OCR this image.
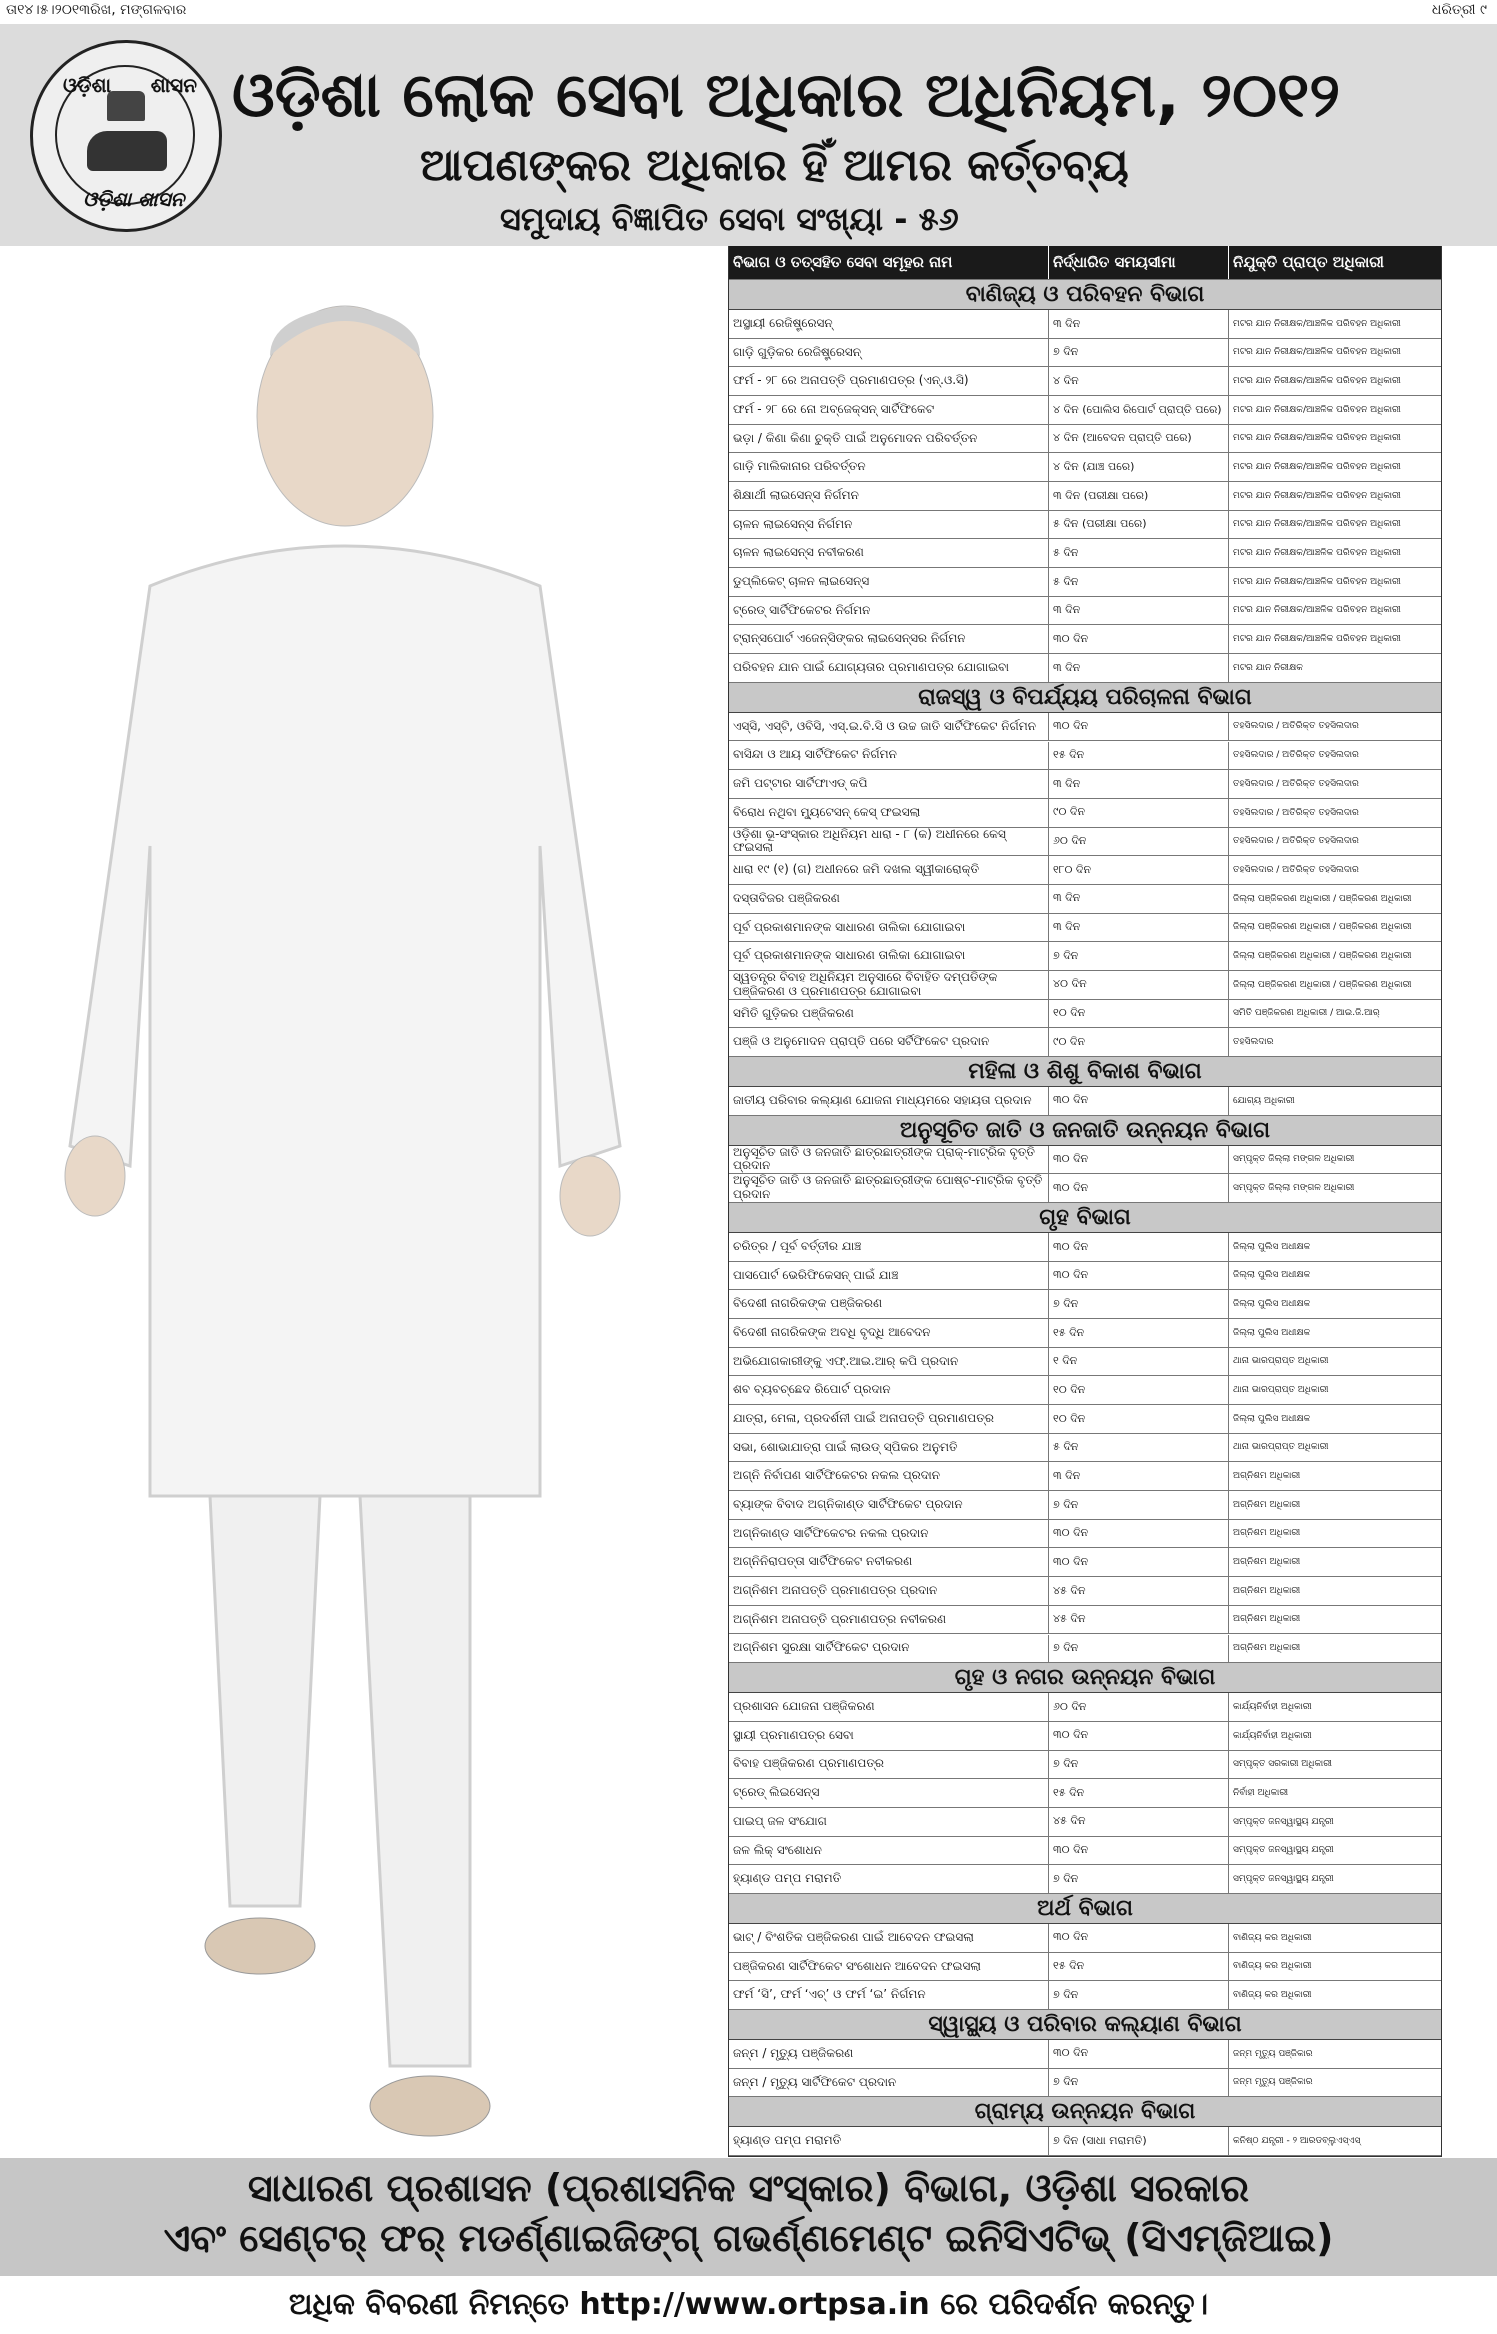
ତା୧୪।୫।୨୦୧୩ରିଖ, ମଙ୍ଗଳବାର	ଧରିତ୍ରୀ ୯
ଓଡ଼ିଶା ଶାସନ
ଓଡ଼ିଶା ଶାସନ
ଓଡ଼ିଶା ଲୋକ ସେବା ଅଧିକାର ଅଧିନିୟମ, ୨୦୧୨
ଆପଣଙ୍କର ଅଧିକାର ହିଁ ଆମର କର୍ତ୍ତବ୍ୟ
ସମୁଦାୟ ବିଜ୍ଞାପିତ ସେବା ସଂଖ୍ୟା - ୫୬
ବିଭାଗ ଓ ତତ୍ସହିତ ସେବା ସମୂହର ନାମ	ନିର୍ଦ୍ଧାରିତ ସମୟସୀମା	ନିଯୁକ୍ତି ପ୍ରାପ୍ତ ଅଧିକାରୀ
ବାଣିଜ୍ୟ ଓ ପରିବହନ ବିଭାଗ
ଅସ୍ଥାୟୀ ରେଜିଷ୍ଟ୍ରେସନ୍	୩ ଦିନ	ମଟର ଯାନ ନିରୀକ୍ଷକ/ଆଞ୍ଚଳିକ ପରିବହନ ଅଧିକାରୀ
ଗାଡ଼ି ଗୁଡ଼ିକର ରେଜିଷ୍ଟ୍ରେସନ୍	୭ ଦିନ	ମଟର ଯାନ ନିରୀକ୍ଷକ/ଆଞ୍ଚଳିକ ପରିବହନ ଅଧିକାରୀ
ଫର୍ମ - ୨୮ ରେ ଅନାପତ୍ତି ପ୍ରମାଣପତ୍ର (ଏନ୍.ଓ.ସି)	୪ ଦିନ	ମଟର ଯାନ ନିରୀକ୍ଷକ/ଆଞ୍ଚଳିକ ପରିବହନ ଅଧିକାରୀ
ଫର୍ମ - ୨୮ ରେ ନୋ ଅବ୍ଜେକ୍ସନ୍ ସାର୍ଟିଫିକେଟ	୪ ଦିନ (ପୋଲିସ ରିପୋର୍ଟ ପ୍ରାପ୍ତି ପରେ)	ମଟର ଯାନ ନିରୀକ୍ଷକ/ଆଞ୍ଚଳିକ ପରିବହନ ଅଧିକାରୀ
ଭଡ଼ା / କିଣା କିଣା ଚୁକ୍ତି ପାଇଁ ଅନୁମୋଦନ ପରିବର୍ତ୍ତନ	୪ ଦିନ (ଆବେଦନ ପ୍ରାପ୍ତି ପରେ)	ମଟର ଯାନ ନିରୀକ୍ଷକ/ଆଞ୍ଚଳିକ ପରିବହନ ଅଧିକାରୀ
ଗାଡ଼ି ମାଲିକାନାର ପରିବର୍ତ୍ତନ	୪ ଦିନ (ଯାଞ୍ଚ ପରେ)	ମଟର ଯାନ ନିରୀକ୍ଷକ/ଆଞ୍ଚଳିକ ପରିବହନ ଅଧିକାରୀ
ଶିକ୍ଷାର୍ଥୀ ଲାଇସେନ୍ସ ନିର୍ଗମନ	୩ ଦିନ (ପରୀକ୍ଷା ପରେ)	ମଟର ଯାନ ନିରୀକ୍ଷକ/ଆଞ୍ଚଳିକ ପରିବହନ ଅଧିକାରୀ
ଚାଳନ ଲାଇସେନ୍ସ ନିର୍ଗମନ	୫ ଦିନ (ପରୀକ୍ଷା ପରେ)	ମଟର ଯାନ ନିରୀକ୍ଷକ/ଆଞ୍ଚଳିକ ପରିବହନ ଅଧିକାରୀ
ଚାଳନ ଲାଇସେନ୍ସ ନବୀକରଣ	୫ ଦିନ	ମଟର ଯାନ ନିରୀକ୍ଷକ/ଆଞ୍ଚଳିକ ପରିବହନ ଅଧିକାରୀ
ଡୁପ୍ଲିକେଟ୍ ଚାଳନ ଲାଇସେନ୍ସ	୫ ଦିନ	ମଟର ଯାନ ନିରୀକ୍ଷକ/ଆଞ୍ଚଳିକ ପରିବହନ ଅଧିକାରୀ
ଟ୍ରେଡ୍ ସାର୍ଟିଫିକେଟର ନିର୍ଗମନ	୩ ଦିନ	ମଟର ଯାନ ନିରୀକ୍ଷକ/ଆଞ୍ଚଳିକ ପରିବହନ ଅଧିକାରୀ
ଟ୍ରାନ୍ସପୋର୍ଟ ଏଜେନ୍ସିଙ୍କର ଲାଇସେନ୍ସର ନିର୍ଗମନ	୩୦ ଦିନ	ମଟର ଯାନ ନିରୀକ୍ଷକ/ଆଞ୍ଚଳିକ ପରିବହନ ଅଧିକାରୀ
ପରିବହନ ଯାନ ପାଇଁ ଯୋଗ୍ୟତାର ପ୍ରମାଣପତ୍ର ଯୋଗାଇବା	୩ ଦିନ	ମଟର ଯାନ ନିରୀକ୍ଷକ
ରାଜସ୍ୱ ଓ ବିପର୍ଯ୍ୟୟ ପରିଚାଳନା ବିଭାଗ
ଏସ୍ସି, ଏସ୍ଟି, ଓବିସି, ଏସ୍.ଇ.ବି.ସି ଓ ଉଚ୍ଚ ଜାତି ସାର୍ଟିଫିକେଟ ନିର୍ଗମନ	୩୦ ଦିନ	ତହସିଲଦାର / ଅତିରିକ୍ତ ତହସିଲଦାର
ବାସିନ୍ଦା ଓ ଆୟ ସାର୍ଟିଫିକେଟ ନିର୍ଗମନ	୧୫ ଦିନ	ତହସିଲଦାର / ଅତିରିକ୍ତ ତହସିଲଦାର
ଜମି ପଟ୍ଟାର ସାର୍ଟିଫାଏଡ୍ କପି	୩ ଦିନ	ତହସିଲଦାର / ଅତିରିକ୍ତ ତହସିଲଦାର
ବିରୋଧ ନଥିବା ମ୍ୟୁଟେସନ୍ କେସ୍ ଫଇସଲା	୯୦ ଦିନ	ତହସିଲଦାର / ଅତିରିକ୍ତ ତହସିଲଦାର
ଓଡ଼ିଶା ଭୂ-ସଂସ୍କାର ଅଧିନିୟମ ଧାରା - ୮ (କ) ଅଧୀନରେ କେସ୍ ଫଇସଲା	୬୦ ଦିନ	ତହସିଲଦାର / ଅତିରିକ୍ତ ତହସିଲଦାର
ଧାରା ୧୯ (୧) (ଗ) ଅଧୀନରେ ଜମି ଦଖଲ ସ୍ୱୀକାରୋକ୍ତି	୧୮୦ ଦିନ	ତହସିଲଦାର / ଅତିରିକ୍ତ ତହସିଲଦାର
ଦସ୍ତାବିଜର ପଞ୍ଜିକରଣ	୩ ଦିନ	ଜିଲ୍ଲା ପଞ୍ଜିକରଣ ଅଧିକାରୀ / ପଞ୍ଜିକରଣ ଅଧିକାରୀ
ପୂର୍ବ ପ୍ରକାଶମାନଙ୍କ ସାଧାରଣ ତାଲିକା ଯୋଗାଇବା	୩ ଦିନ	ଜିଲ୍ଲା ପଞ୍ଜିକରଣ ଅଧିକାରୀ / ପଞ୍ଜିକରଣ ଅଧିକାରୀ
ପୂର୍ବ ପ୍ରକାଶମାନଙ୍କ ସାଧାରଣ ତାଲିକା ଯୋଗାଇବା	୭ ଦିନ	ଜିଲ୍ଲା ପଞ୍ଜିକରଣ ଅଧିକାରୀ / ପଞ୍ଜିକରଣ ଅଧିକାରୀ
ସ୍ୱତନ୍ତ୍ର ବିବାହ ଅଧିନିୟମ ଅନୁସାରେ ବିବାହିତ ଦମ୍ପତିଙ୍କ ପଞ୍ଜିକରଣ ଓ ପ୍ରମାଣପତ୍ର ଯୋଗାଇବା	୪୦ ଦିନ	ଜିଲ୍ଲା ପଞ୍ଜିକରଣ ଅଧିକାରୀ / ପଞ୍ଜିକରଣ ଅଧିକାରୀ
ସମିତି ଗୁଡ଼ିକର ପଞ୍ଜିକରଣ	୧୦ ଦିନ	ସମିତି ପଞ୍ଜିକରଣ ଅଧିକାରୀ / ଆଇ.ଜି.ଆର୍
ପଞ୍ଜି ଓ ଅନୁମୋଦନ ପ୍ରାପ୍ତି ପରେ ସର୍ଟିଫିକେଟ ପ୍ରଦାନ	୯୦ ଦିନ	ତହସିଲଦାର
ମହିଳା ଓ ଶିଶୁ ବିକାଶ ବିଭାଗ
ଜାତୀୟ ପରିବାର କଲ୍ୟାଣ ଯୋଜନା ମାଧ୍ୟମରେ ସହାୟତା ପ୍ରଦାନ	୩୦ ଦିନ	ଯୋଗ୍ୟ ଅଧିକାରୀ
ଅନୁସୂଚିତ ଜାତି ଓ ଜନଜାତି ଉନ୍ନୟନ ବିଭାଗ
ଅନୁସୂଚିତ ଜାତି ଓ ଜନଜାତି ଛାତ୍ରଛାତ୍ରୀଙ୍କ ପ୍ରାକ୍-ମାଟ୍ରିକ ବୃତ୍ତି ପ୍ରଦାନ	୩୦ ଦିନ	ସମ୍ପୃକ୍ତ ଜିଲ୍ଲା ମଙ୍ଗଳ ଅଧିକାରୀ
ଅନୁସୂଚିତ ଜାତି ଓ ଜନଜାତି ଛାତ୍ରଛାତ୍ରୀଙ୍କ ପୋଷ୍ଟ-ମାଟ୍ରିକ ବୃତ୍ତି ପ୍ରଦାନ	୩୦ ଦିନ	ସମ୍ପୃକ୍ତ ଜିଲ୍ଲା ମଙ୍ଗଳ ଅଧିକାରୀ
ଗୃହ ବିଭାଗ
ଚରିତ୍ର / ପୂର୍ବ ବର୍ତ୍ତୀର ଯାଞ୍ଚ	୩୦ ଦିନ	ଜିଲ୍ଲା ପୁଲିସ ଅଧୀକ୍ଷକ
ପାସପୋର୍ଟ ଭେରିଫିକେସନ୍ ପାଇଁ ଯାଞ୍ଚ	୩୦ ଦିନ	ଜିଲ୍ଲା ପୁଲିସ ଅଧୀକ୍ଷକ
ବିଦେଶୀ ନାଗରିକଙ୍କ ପଞ୍ଜିକରଣ	୭ ଦିନ	ଜିଲ୍ଲା ପୁଲିସ ଅଧୀକ୍ଷକ
ବିଦେଶୀ ନାଗରିକଙ୍କ ଅବଧି ବୃଦ୍ଧି ଆବେଦନ	୧୫ ଦିନ	ଜିଲ୍ଲା ପୁଲିସ ଅଧୀକ୍ଷକ
ଅଭିଯୋଗକାରୀଙ୍କୁ ଏଫ୍.ଆଇ.ଆର୍ କପି ପ୍ରଦାନ	୧ ଦିନ	ଥାନା ଭାରପ୍ରାପ୍ତ ଅଧିକାରୀ
ଶବ ବ୍ୟବଚ୍ଛେଦ ରିପୋର୍ଟ ପ୍ରଦାନ	୧୦ ଦିନ	ଥାନା ଭାରପ୍ରାପ୍ତ ଅଧିକାରୀ
ଯାତ୍ରା, ମେଳା, ପ୍ରଦର୍ଶନୀ ପାଇଁ ଅନାପତ୍ତି ପ୍ରମାଣପତ୍ର	୧୦ ଦିନ	ଜିଲ୍ଲା ପୁଲିସ ଅଧୀକ୍ଷକ
ସଭା, ଶୋଭାଯାତ୍ରା ପାଇଁ ଲାଉଡ୍ ସ୍ପିକର ଅନୁମତି	୫ ଦିନ	ଥାନା ଭାରପ୍ରାପ୍ତ ଅଧିକାରୀ
ଅଗ୍ନି ନିର୍ବାପଣ ସାର୍ଟିଫିକେଟର ନକଲ ପ୍ରଦାନ	୩ ଦିନ	ଅଗ୍ନିଶମ ଅଧିକାରୀ
ବ୍ୟାଙ୍କ ବିବାଦ ଅଗ୍ନିକାଣ୍ଡ ସାର୍ଟିଫିକେଟ ପ୍ରଦାନ	୭ ଦିନ	ଅଗ୍ନିଶମ ଅଧିକାରୀ
ଅଗ୍ନିକାଣ୍ଡ ସାର୍ଟିଫିକେଟର ନକଲ ପ୍ରଦାନ	୩୦ ଦିନ	ଅଗ୍ନିଶମ ଅଧିକାରୀ
ଅଗ୍ନିନିରାପତ୍ତା ସାର୍ଟିଫିକେଟ ନବୀକରଣ	୩୦ ଦିନ	ଅଗ୍ନିଶମ ଅଧିକାରୀ
ଅଗ୍ନିଶମ ଅନାପତ୍ତି ପ୍ରମାଣପତ୍ର ପ୍ରଦାନ	୪୫ ଦିନ	ଅଗ୍ନିଶମ ଅଧିକାରୀ
ଅଗ୍ନିଶମ ଅନାପତ୍ତି ପ୍ରମାଣପତ୍ର ନବୀକରଣ	୪୫ ଦିନ	ଅଗ୍ନିଶମ ଅଧିକାରୀ
ଅଗ୍ନିଶମ ସୁରକ୍ଷା ସାର୍ଟିଫିକେଟ ପ୍ରଦାନ	୭ ଦିନ	ଅଗ୍ନିଶମ ଅଧିକାରୀ
ଗୃହ ଓ ନଗର ଉନ୍ନୟନ ବିଭାଗ
ପ୍ରଶାସନ ଯୋଜନା ପଞ୍ଜିକରଣ	୬୦ ଦିନ	କାର୍ଯ୍ୟନିର୍ବାହୀ ଅଧିକାରୀ
ସ୍ଥାୟୀ ପ୍ରମାଣପତ୍ର ସେବା	୩୦ ଦିନ	କାର୍ଯ୍ୟନିର୍ବାହୀ ଅଧିକାରୀ
ବିବାହ ପଞ୍ଜିକରଣ ପ୍ରମାଣପତ୍ର	୭ ଦିନ	ସମ୍ପୃକ୍ତ ସରକାରୀ ଅଧିକାରୀ
ଟ୍ରେଡ୍ ଲିଇସେନ୍ସ	୧୫ ଦିନ	ନିର୍ବାହୀ ଅଧିକାରୀ
ପାଇପ୍ ଜଳ ସଂଯୋଗ	୪୫ ଦିନ	ସମ୍ପୃକ୍ତ ଜନସ୍ୱାସ୍ଥ୍ୟ ଯନ୍ତ୍ରୀ
ଜଳ ଲିକ୍ ସଂଶୋଧନ	୩୦ ଦିନ	ସମ୍ପୃକ୍ତ ଜନସ୍ୱାସ୍ଥ୍ୟ ଯନ୍ତ୍ରୀ
ହ୍ୟାଣ୍ଡ ପମ୍ପ ମରାମତି	୭ ଦିନ	ସମ୍ପୃକ୍ତ ଜନସ୍ୱାସ୍ଥ୍ୟ ଯନ୍ତ୍ରୀ
ଅର୍ଥ ବିଭାଗ
ଭାଟ୍ / ବିଂଶତିକ ପଞ୍ଜିକରଣ ପାଇଁ ଆବେଦନ ଫଇସଲା	୩୦ ଦିନ	ବାଣିଜ୍ୟ କର ଅଧିକାରୀ
ପଞ୍ଜିକରଣ ସାର୍ଟିଫିକେଟ ସଂଶୋଧନ ଆବେଦନ ଫଇସଲା	୧୫ ଦିନ	ବାଣିଜ୍ୟ କର ଅଧିକାରୀ
ଫର୍ମ ‘ସି’, ଫର୍ମ ‘ଏଚ୍’ ଓ ଫର୍ମ ‘ଇ’ ନିର୍ଗମନ	୭ ଦିନ	ବାଣିଜ୍ୟ କର ଅଧିକାରୀ
ସ୍ୱାସ୍ଥ୍ୟ ଓ ପରିବାର କଲ୍ୟାଣ ବିଭାଗ
ଜନ୍ମ / ମୃତ୍ୟୁ ପଞ୍ଜିକରଣ	୩୦ ଦିନ	ଜନ୍ମ ମୃତ୍ୟୁ ପଞ୍ଜିକାର
ଜନ୍ମ / ମୃତ୍ୟୁ ସାର୍ଟିଫିକେଟ ପ୍ରଦାନ	୭ ଦିନ	ଜନ୍ମ ମୃତ୍ୟୁ ପଞ୍ଜିକାର
ଗ୍ରାମ୍ୟ ଉନ୍ନୟନ ବିଭାଗ
ହ୍ୟାଣ୍ଡ ପମ୍ପ ମରାମତି	୭ ଦିନ (ସାଧା ମରାମତି)	କନିଷ୍ଠ ଯନ୍ତ୍ରୀ - ୨ ଆରଡବ୍ଲୁଏସ୍ଏସ୍
ସାଧାରଣ ପ୍ରଶାସନ (ପ୍ରଶାସନିକ ସଂସ୍କାର) ବିଭାଗ, ଓଡ଼ିଶା ସରକାର
ଏବଂ ସେଣ୍ଟର୍ ଫର୍ ମଡର୍ଣ୍ଣାଇଜିଙ୍ଗ୍ ଗଭର୍ଣ୍ଣମେଣ୍ଟ ଇନିସିଏଟିଭ୍ (ସିଏମ୍‌ଜିଆଇ)
ଅଧିକ ବିବରଣୀ ନିମନ୍ତେ http://www.ortpsa.in ରେ ପରିଦର୍ଶନ କରନ୍ତୁ।
